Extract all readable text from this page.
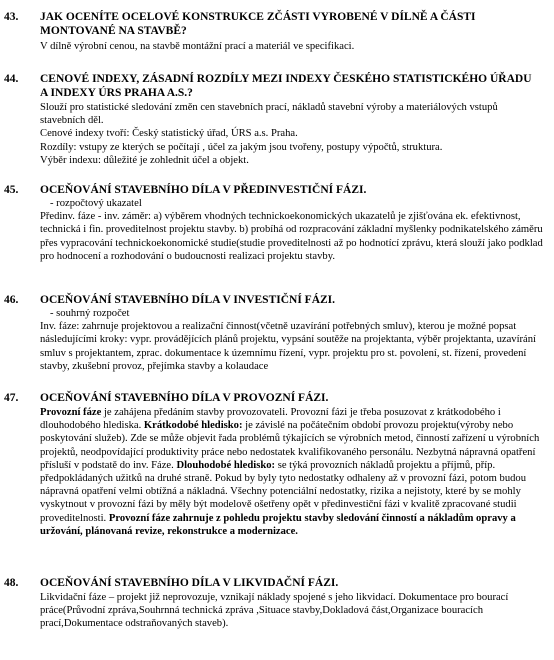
43. JAK OCENÍTE OCELOVÉ KONSTRUKCE ZČÁSTI VYROBENÉ V DÍLNĚ A ČÁSTI MONTOVANÉ NA STAVBĚ?

V dílně výrobní cenou, na stavbě montážní prací a materiál ve specifikaci.

44. CENOVÉ INDEXY, ZÁSADNÍ ROZDÍLY MEZI INDEXY ČESKÉHO STATISTICKÉHO ÚŘADU A INDEXY ÚRS PRAHA A.S.?

Slouží pro statistické sledování změn cen stavebních prací, nákladů stavební výroby a materiálových vstupů stavebních děl.

Cenové indexy tvoří: Český statistický úřad, ÚRS a.s. Praha.

Rozdíly: vstupy ze kterých se počítají , účel za jakým jsou tvořeny, postupy výpočtů, struktura.

Výběr indexu: důležité je zohlednit účel a objekt.

45. OCEŇOVÁNÍ STAVEBNÍHO DÍLA V PŘEDINVESTIČNÍ FÁZI.

- rozpočtový ukazatel

Předinv. fáze - inv. záměr: a) výběrem vhodných technickoekonomických ukazatelů je zjišťována ek. efektivnost, technická i fin. proveditelnost projektu stavby. b) probíhá od rozpracování základní myšlenky podnikatelského záměru přes vypracování technickoekonomické studie(studie proveditelnosti až po hodnotící zprávu, která slouží jako podklad pro hodnocení a rozhodování o budoucnosti realizaci projektu stavby.

46. OCEŇOVÁNÍ STAVEBNÍHO DÍLA V INVESTIČNÍ FÁZI.

- souhrný rozpočet

Inv. fáze: zahrnuje projektovou a realizační činnost(včetně uzavírání potřebných smluv), kterou je možné popsat následujícími kroky: vypr. provádějících plánů projektu, vypsání soutěže na projektanta, výběr projektanta, uzavírání smluv s projektantem, zprac. dokumentace k územnímu řízení, vypr. projektu pro st. povolení, st. řízení, provedení stavby, zkušební provoz, přejímka stavby a kolaudace

47. OCEŇOVÁNÍ STAVEBNÍHO DÍLA V PROVOZNÍ FÁZI.

Provozní fáze je zahájena předáním stavby provozovateli. Provozní fázi je třeba posuzovat z krátkodobého i dlouhodobého hlediska. Krátkodobé hledisko: je závislé na počátečním období provozu projektu(výroby nebo poskytování služeb). Zde se může objevit řada problémů týkajících se výrobních metod, činností zařízení u výrobních projektů, neodpovídající produktivity práce nebo nedostatek kvalifikovaného personálu. Nezbytná nápravná opatření přísluší v podstatě do inv. Fáze. Dlouhodobé hledisko: se týká provozních nákladů projektu a příjmů, příp. předpokládaných užitků na druhé straně. Pokud by byly tyto nedostatky odhaleny až v provozní fázi, potom budou nápravná opatření velmi obtížná a nákladná. Všechny potenciální nedostatky, rizika a nejistoty, které by se mohly vyskytnout v provozní fázi by měly být modelově ošetřeny opět v předinvestiční fázi v kvalitě zpracované studii proveditelnosti. Provozní fáze zahrnuje z pohledu projektu stavby sledování činností a nákladům opravy a uržování, plánovaná revize, rekonstrukce a modernizace.

48. OCEŇOVÁNÍ STAVEBNÍHO DÍLA V LIKVIDAČNÍ FÁZI.

Likvidační fáze – projekt již neprovozuje, vznikají náklady spojené s jeho likvidací. Dokumentace pro bourací práce(Průvodní zpráva,Souhrnná technická zpráva ,Situace stavby,Dokladová část,Organizace bouracích prací,Dokumentace odstraňovaných staveb).
